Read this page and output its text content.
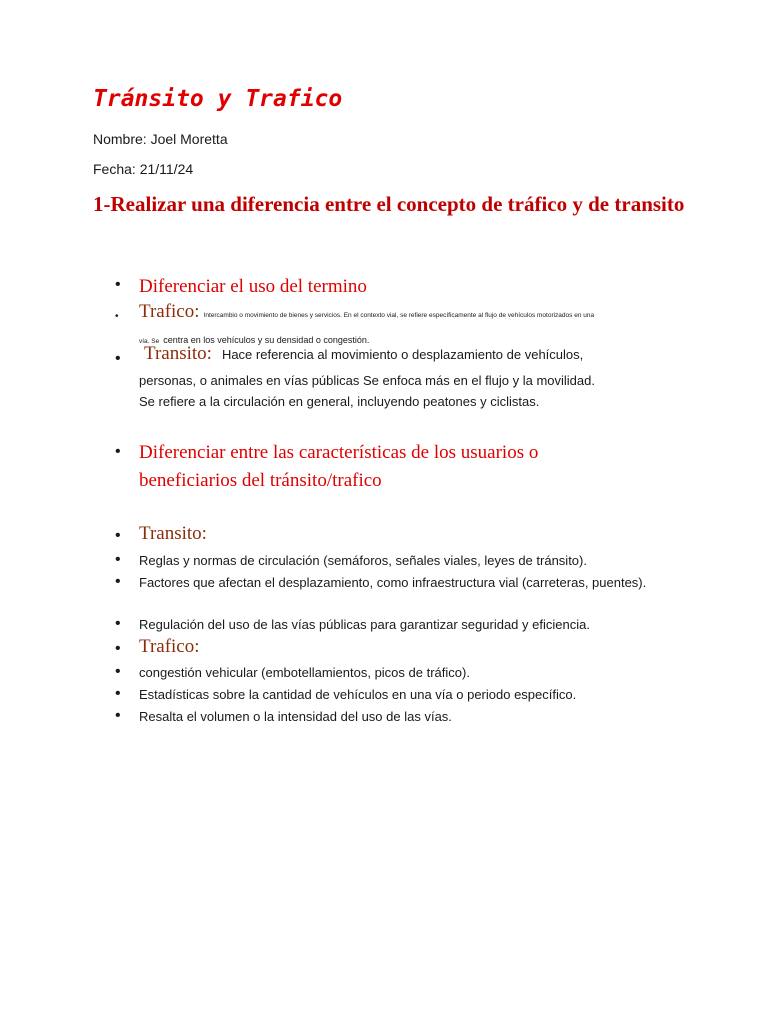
Tránsito y Trafico

Nombre: Joel Moretta

Fecha: 21/11/24

1-Realizar una diferencia entre el concepto de tráfico y de transito
• Diferenciar el uso del termino

• Trafico: Intercambio o movimiento de bienes y servicios. En el contexto vial, se refiere específicamente al flujo de vehículos motorizados en una
vía. Se centra en los vehículos y su densidad o congestión.
• Transito: Hace referencia al movimiento o desplazamiento de vehículos,

personas, o animales en vías públicas Se enfoca más en el flujo y la movilidad.

Se refiere a la circulación en general, incluyendo peatones y ciclistas.

• Diferenciar entre las características de los usuarios o beneficiarios del tránsito/trafico

• Transito:

• Reglas y normas de circulación (semáforos, señales viales, leyes de tránsito).

• Factores que afectan el desplazamiento, como infraestructura vial (carreteras, puentes).

• Regulación del uso de las vías públicas para garantizar seguridad y eficiencia.

• Trafico:

• congestión vehicular (embotellamientos, picos de tráfico).

• Estadísticas sobre la cantidad de vehículos en una vía o periodo específico.

• Resalta el volumen o la intensidad del uso de las vías.
